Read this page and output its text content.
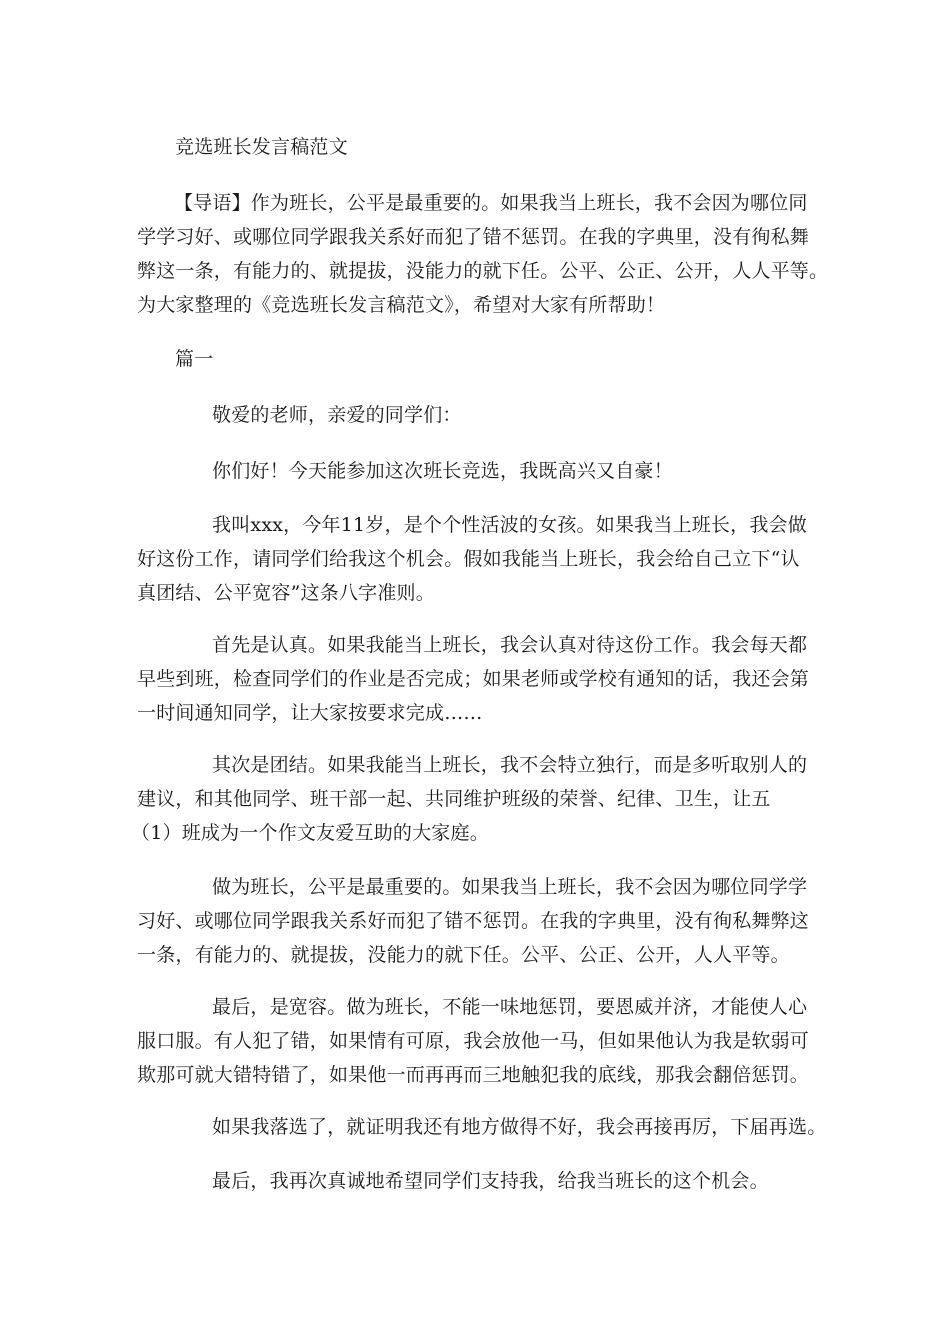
竞选班长发言稿范文
【导语】作为班长，公平是最重要的。如果我当上班长，我不会因为哪位同
学学习好、或哪位同学跟我关系好而犯了错不惩罚。在我的字典里，没有徇私舞
弊这一条，有能力的、就提拔，没能力的就下任。公平、公正、公开，人人平等。
为大家整理的《竞选班长发言稿范文》，希望对大家有所帮助！
篇一
敬爱的老师，亲爱的同学们：
你们好！今天能参加这次班长竞选，我既高兴又自豪！
我叫xxx，今年11岁，是个个性活波的女孩。如果我当上班长，我会做
好这份工作，请同学们给我这个机会。假如我能当上班长，我会给自己立下“认
真团结、公平宽容”这条八字准则。
首先是认真。如果我能当上班长，我会认真对待这份工作。我会每天都
早些到班，检查同学们的作业是否完成；如果老师或学校有通知的话，我还会第
一时间通知同学，让大家按要求完成……
其次是团结。如果我能当上班长，我不会特立独行，而是多听取别人的
建议，和其他同学、班干部一起、共同维护班级的荣誉、纪律、卫生，让五
（1）班成为一个作文友爱互助的大家庭。
做为班长，公平是最重要的。如果我当上班长，我不会因为哪位同学学
习好、或哪位同学跟我关系好而犯了错不惩罚。在我的字典里，没有徇私舞弊这
一条，有能力的、就提拔，没能力的就下任。公平、公正、公开，人人平等。
最后，是宽容。做为班长，不能一味地惩罚，要恩威并济，才能使人心
服口服。有人犯了错，如果情有可原，我会放他一马，但如果他认为我是软弱可
欺那可就大错特错了，如果他一而再再而三地触犯我的底线，那我会翻倍惩罚。
如果我落选了，就证明我还有地方做得不好，我会再接再厉，下届再选。
最后，我再次真诚地希望同学们支持我，给我当班长的这个机会。
